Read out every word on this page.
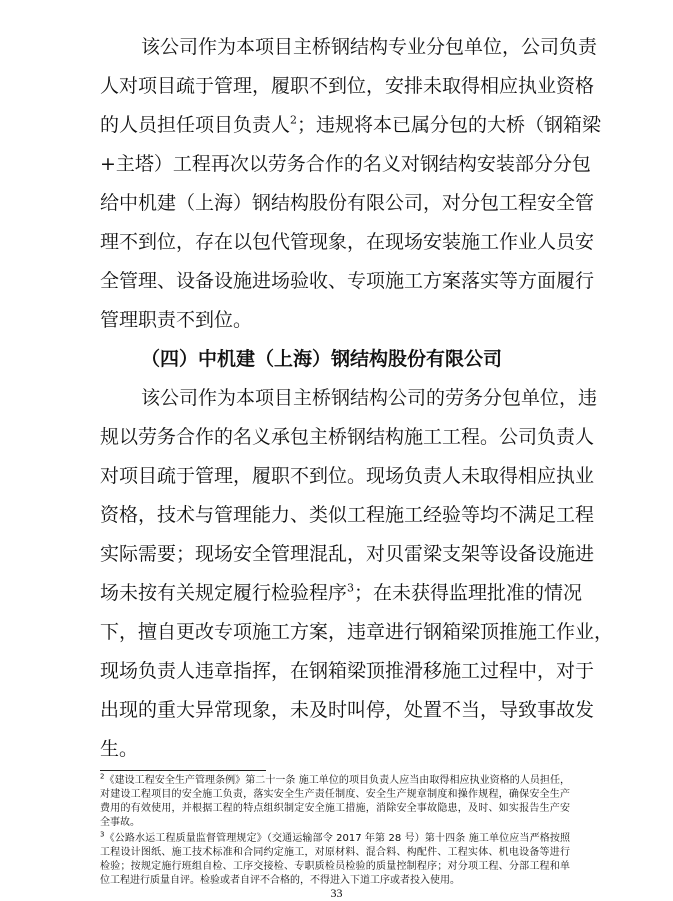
该公司作为本项目主桥钢结构专业分包单位，公司负责
人对项目疏于管理，履职不到位，安排未取得相应执业资格
的人员担任项目负责人$^2$；违规将本已属分包的大桥（钢箱梁
+主塔）工程再次以劳务合作的名义对钢结构安装部分分包
给中机建（上海）钢结构股份有限公司，对分包工程安全管
理不到位，存在以包代管现象，在现场安装施工作业人员安
全管理、设备设施进场验收、专项施工方案落实等方面履行
管理职责不到位。
（四）中机建（上海）钢结构股份有限公司
该公司作为本项目主桥钢结构公司的劳务分包单位，违
规以劳务合作的名义承包主桥钢结构施工工程。公司负责人
对项目疏于管理，履职不到位。现场负责人未取得相应执业
资格，技术与管理能力、类似工程施工经验等均不满足工程
实际需要；现场安全管理混乱，对贝雷梁支架等设备设施进
场未按有关规定履行检验程序$^3$；在未获得监理批准的情况
下，擅自更改专项施工方案，违章进行钢箱梁顶推施工作业，
现场负责人违章指挥，在钢箱梁顶推滑移施工过程中，对于
出现的重大异常现象，未及时叫停，处置不当，导致事故发
生。
$^2$《建设工程安全生产管理条例》第二十一条 施工单位的项目负责人应当由取得相应执业资格的人员担任，
对建设工程项目的安全施工负责，落实安全生产责任制度、安全生产规章制度和操作规程，确保安全生产
费用的有效使用，并根据工程的特点组织制定安全施工措施，消除安全事故隐患，及时、如实报告生产安
全事故。
$^3$《公路水运工程质量监督管理规定》（交通运输部令 2017 年第 28 号）第十四条 施工单位应当严格按照
工程设计图纸、施工技术标准和合同约定施工，对原材料、混合料、构配件、工程实体、机电设备等进行
检验；按规定施行班组自检、工序交接检、专职质检员检验的质量控制程序；对分项工程、分部工程和单
位工程进行质量自评。检验或者自评不合格的，不得进入下道工序或者投入使用。
33
